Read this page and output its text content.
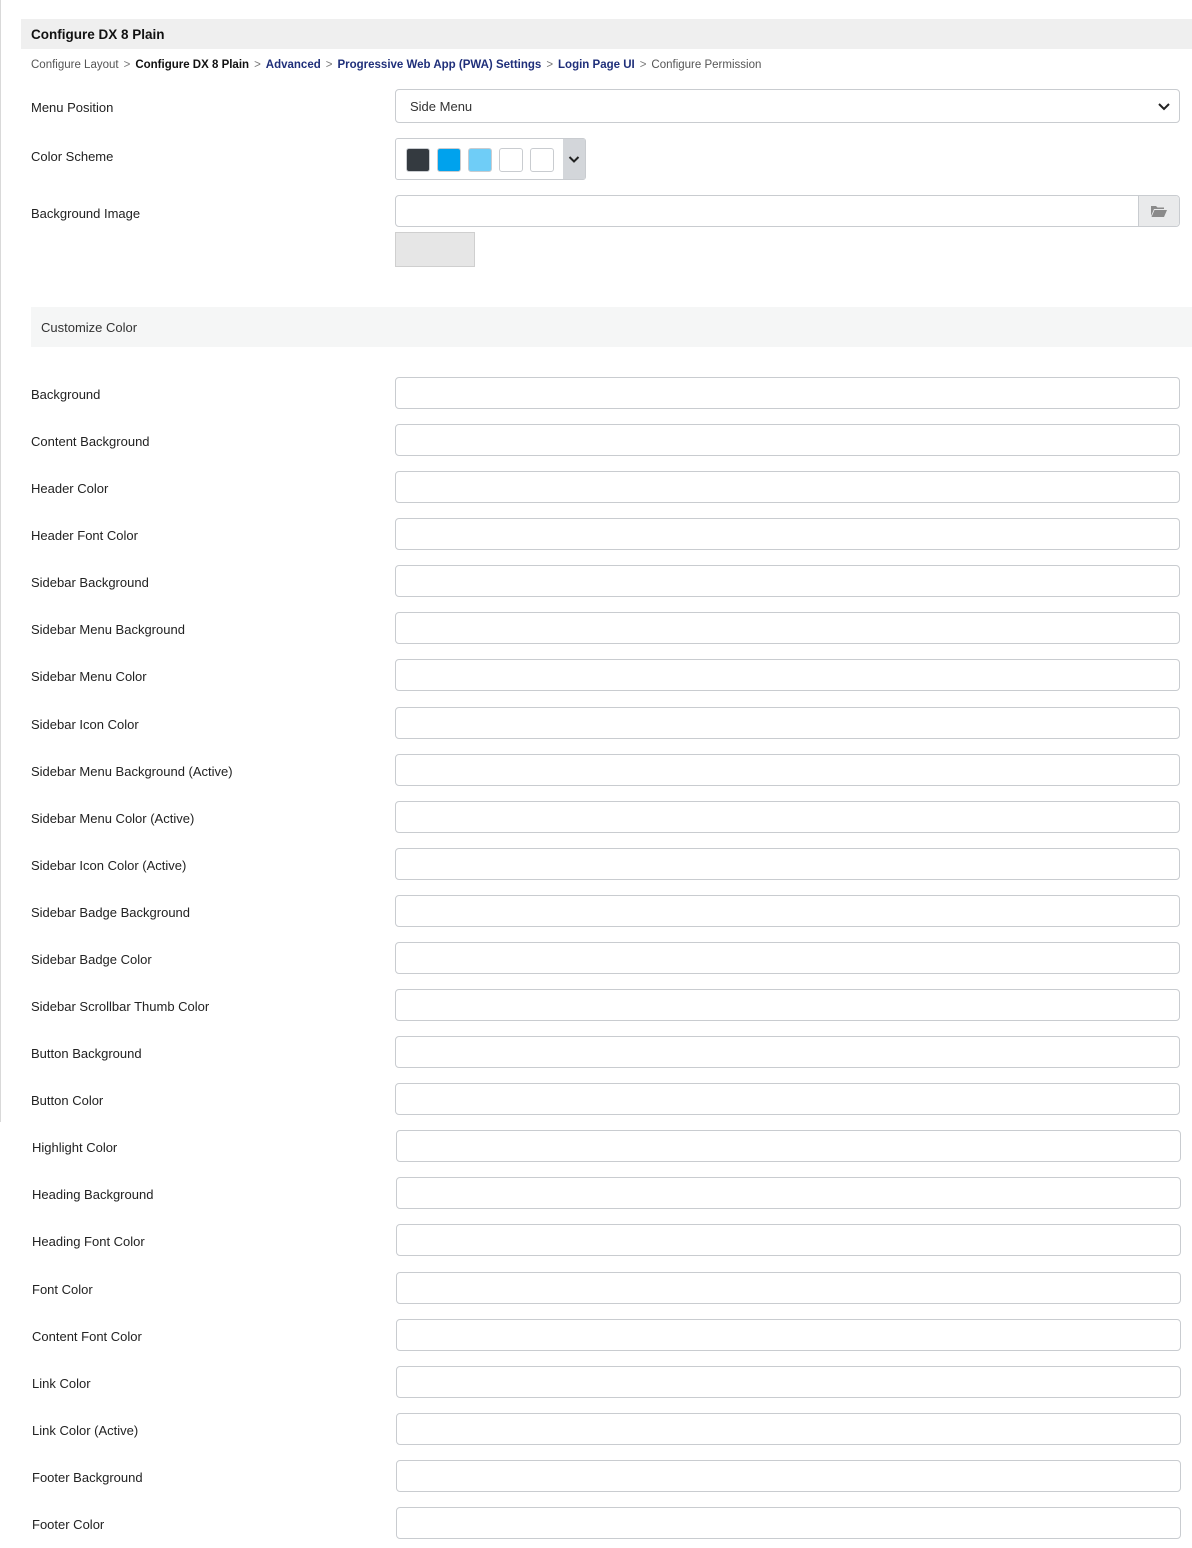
Configure DX 8 Plain
Configure Layout > Configure DX 8 Plain > Advanced > Progressive Web App (PWA) Settings > Login Page UI > Configure Permission
Menu Position	Side Menu
Color Scheme
Background Image
Customize Color
Background
Content Background
Header Color
Header Font Color
Sidebar Background
Sidebar Menu Background
Sidebar Menu Color
Sidebar Icon Color
Sidebar Menu Background (Active)
Sidebar Menu Color (Active)
Sidebar Icon Color (Active)
Sidebar Badge Background
Sidebar Badge Color
Sidebar Scrollbar Thumb Color
Button Background
Button Color
Highlight Color
Heading Background
Heading Font Color
Font Color
Content Font Color
Link Color
Link Color (Active)
Footer Background
Footer Color
